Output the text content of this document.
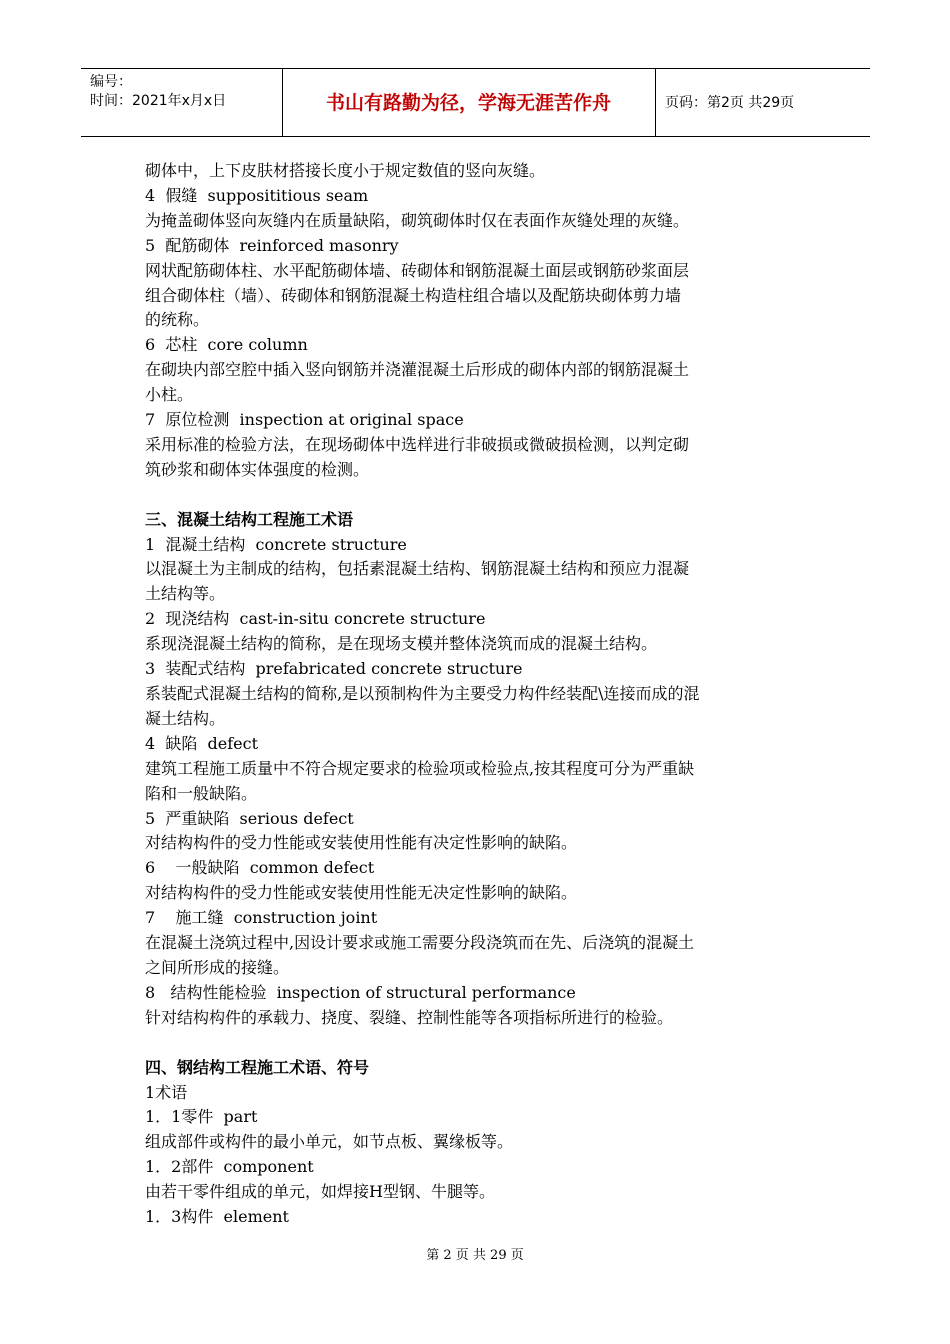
编号：
时间：2021年x月x日	书山有路勤为径，学海无涯苦作舟	页码：第2页 共29页
砌体中，上下皮肤材搭接长度小于规定数值的竖向灰缝。
4  假缝  supposititious seam
为掩盖砌体竖向灰缝内在质量缺陷，砌筑砌体时仅在表面作灰缝处理的灰缝。
5  配筋砌体  reinforced masonry
网状配筋砌体柱、水平配筋砌体墙、砖砌体和钢筋混凝土面层或钢筋砂浆面层
组合砌体柱（墙）、砖砌体和钢筋混凝土构造柱组合墙以及配筋块砌体剪力墙
的统称。
6  芯柱  core column
在砌块内部空腔中插入竖向钢筋并浇灌混凝土后形成的砌体内部的钢筋混凝土
小柱。
7  原位检测  inspection at original space
采用标准的检验方法，在现场砌体中选样进行非破损或微破损检测，以判定砌
筑砂浆和砌体实体强度的检测。
三、混凝土结构工程施工术语
1  混凝土结构  concrete structure
以混凝土为主制成的结构，包括素混凝土结构、钢筋混凝土结构和预应力混凝
土结构等。
2  现浇结构  cast-in-situ concrete structure
系现浇混凝土结构的简称，是在现场支模并整体浇筑而成的混凝土结构。
3  装配式结构  prefabricated concrete structure
系装配式混凝土结构的简称,是以预制构件为主要受力构件经装配\连接而成的混
凝土结构。
4  缺陷  defect
建筑工程施工质量中不符合规定要求的检验项或检验点,按其程度可分为严重缺
陷和一般缺陷。
5  严重缺陷  serious defect
对结构构件的受力性能或安装使用性能有决定性影响的缺陷。
6    一般缺陷  common defect
对结构构件的受力性能或安装使用性能无决定性影响的缺陷。
7    施工缝  construction joint
在混凝土浇筑过程中,因设计要求或施工需要分段浇筑而在先、后浇筑的混凝土
之间所形成的接缝。
8   结构性能检验  inspection of structural performance
针对结构构件的承载力、挠度、裂缝、控制性能等各项指标所进行的检验。
四、钢结构工程施工术语、符号
1术语
1．1零件  part
组成部件或构件的最小单元，如节点板、翼缘板等。
1．2部件  component
由若干零件组成的单元，如焊接H型钢、牛腿等。
1．3构件  element
第 2 页 共 29 页
